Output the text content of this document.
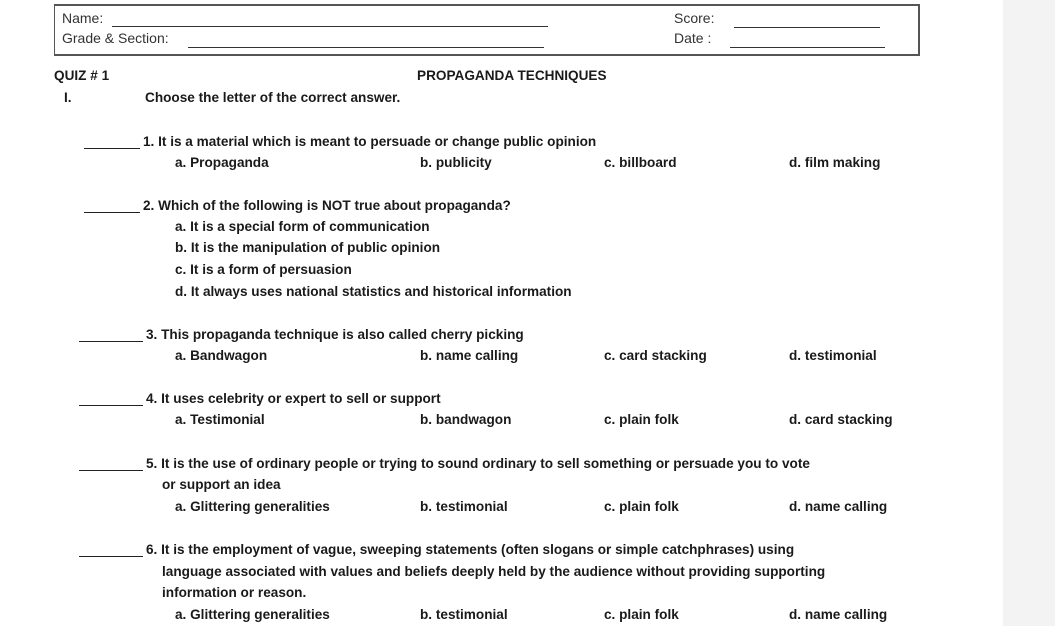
Name:
Grade & Section:
Score:
Date :
QUIZ # 1	PROPAGANDA TECHNIQUES
I.	Choose the letter of the correct answer.
1. It is a material which is meant to persuade or change public opinion
a. Propaganda	b. publicity	c. billboard	d. film making
2. Which of the following is NOT true about propaganda?
a. It is a special form of communication
b. It is the manipulation of public opinion
c. It is a form of persuasion
d. It always uses national statistics and historical information
3. This propaganda technique is also called cherry picking
a. Bandwagon	b. name calling	c. card stacking	d. testimonial
4. It uses celebrity or expert to sell or support
a. Testimonial	b. bandwagon	c. plain folk	d. card stacking
5. It is the use of ordinary people or trying to sound ordinary to sell something or persuade you to vote
or support an idea
a. Glittering generalities	b. testimonial	c. plain folk	d. name calling
6. It is the employment of vague, sweeping statements (often slogans or simple catchphrases) using
language associated with values and beliefs deeply held by the audience without providing supporting
information or reason.
a. Glittering generalities	b. testimonial	c. plain folk	d. name calling
